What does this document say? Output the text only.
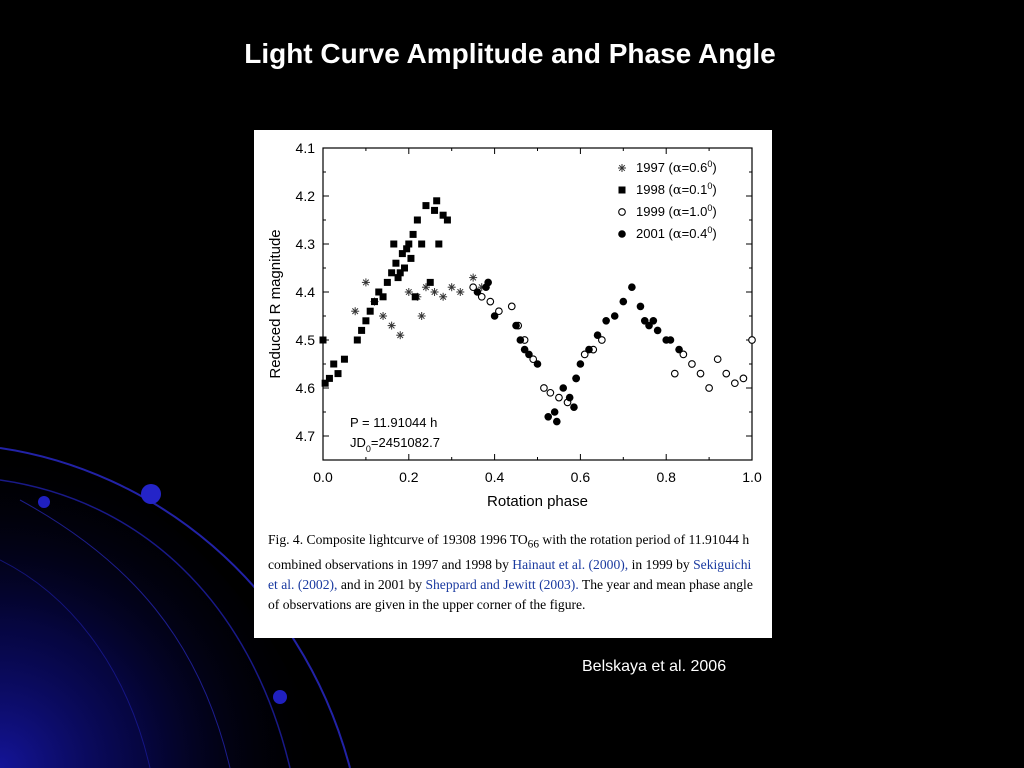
Light Curve Amplitude and Phase Angle
0.0	0.2	0.4	0.6	0.8	1.0
4.1
4.2
4.3
4.4
4.5
4.6
4.7
Rotation phase
Reduced R magnitude
1997 $(\alpha=0.6^0)$
1998 $(\alpha=0.1^0)$
1999 $(\alpha=1.0^0)$
2001 $(\alpha=0.4^0)$
P = 11.91044 h
$JD_0=2451082.7$

Fig. 4. Composite lightcurve of 19308 1996 $TO_{66}$ with the rotation period of 11.91044 h combined observations in 1997 and 1998 by Hainaut et al. (2000), in 1999 by Sekiguichi et al. (2002), and in 2001 by Sheppard and Jewitt (2003). The year and mean phase angle of observations are given in the upper corner of the figure.

Belskaya et al. 2006
